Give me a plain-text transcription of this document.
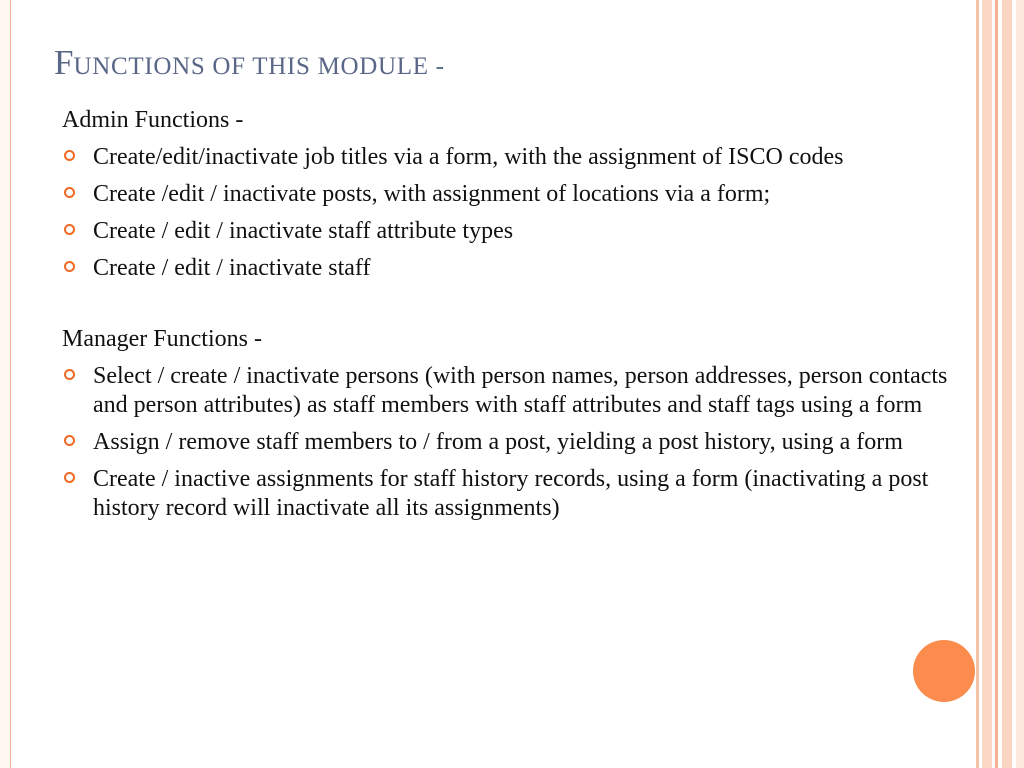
FUNCTIONS OF THIS MODULE -
Admin Functions -
Create/edit/inactivate job titles via a form, with the assignment of ISCO codes
Create /edit / inactivate posts, with assignment of locations via a form;
Create / edit / inactivate staff attribute types
Create / edit / inactivate staff
Manager Functions -
Select / create / inactivate persons (with person names, person addresses, person contacts and person attributes) as staff members with staff attributes and staff tags using a form
Assign / remove staff members to / from a post, yielding a post history, using a form
Create / inactive assignments for staff history records, using a form (inactivating a post history record will inactivate all its assignments)
